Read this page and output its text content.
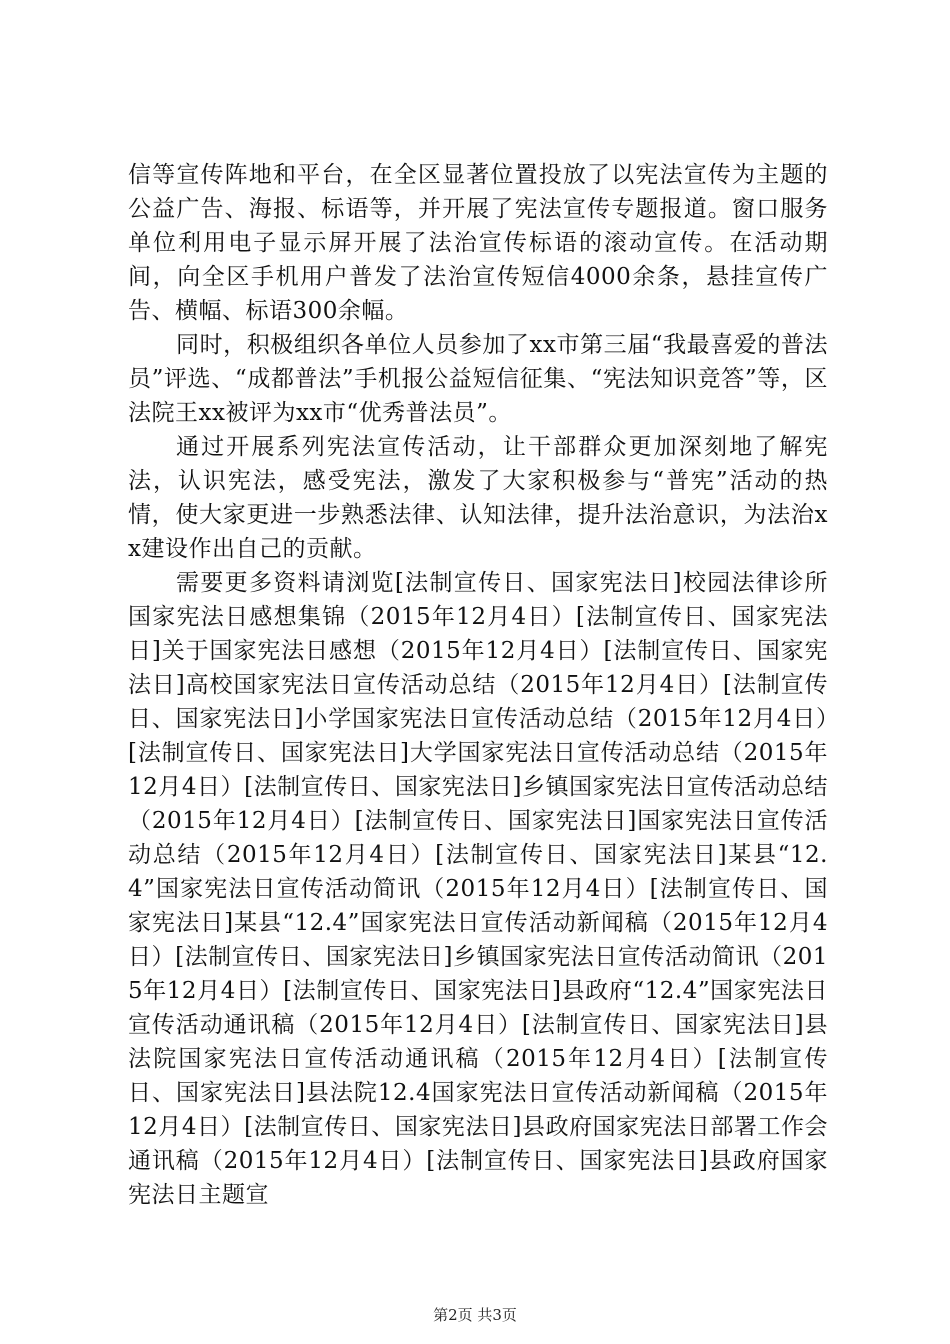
信等宣传阵地和平台，在全区显著位置投放了以宪法宣传为主题的公益广告、海报、标语等，并开展了宪法宣传专题报道。窗口服务单位利用电子显示屏开展了法治宣传标语的滚动宣传。在活动期间，向全区手机用户普发了法治宣传短信4000余条，悬挂宣传广告、横幅、标语300余幅。

同时，积极组织各单位人员参加了xx市第三届“我最喜爱的普法员”评选、“成都普法”手机报公益短信征集、“宪法知识竞答”等，区法院王xx被评为xx市“优秀普法员”。

通过开展系列宪法宣传活动，让干部群众更加深刻地了解宪法，认识宪法，感受宪法，激发了大家积极参与“普宪”活动的热情，使大家更进一步熟悉法律、认知法律，提升法治意识，为法治xx建设作出自己的贡献。

需要更多资料请浏览[法制宣传日、国家宪法日]校园法律诊所国家宪法日感想集锦（2015年12月4日）[法制宣传日、国家宪法日]关于国家宪法日感想（2015年12月4日）[法制宣传日、国家宪法日]高校国家宪法日宣传活动总结（2015年12月4日）[法制宣传日、国家宪法日]小学国家宪法日宣传活动总结（2015年12月4日）[法制宣传日、国家宪法日]大学国家宪法日宣传活动总结（2015年12月4日）[法制宣传日、国家宪法日]乡镇国家宪法日宣传活动总结（2015年12月4日）[法制宣传日、国家宪法日]国家宪法日宣传活动总结（2015年12月4日）[法制宣传日、国家宪法日]某县“12.4”国家宪法日宣传活动简讯（2015年12月4日）[法制宣传日、国家宪法日]某县“12.4”国家宪法日宣传活动新闻稿（2015年12月4日）[法制宣传日、国家宪法日]乡镇国家宪法日宣传活动简讯（2015年12月4日）[法制宣传日、国家宪法日]县政府“12.4”国家宪法日宣传活动通讯稿（2015年12月4日）[法制宣传日、国家宪法日]县法院国家宪法日宣传活动通讯稿（2015年12月4日）[法制宣传日、国家宪法日]县法院12.4国家宪法日宣传活动新闻稿（2015年12月4日）[法制宣传日、国家宪法日]县政府国家宪法日部署工作会通讯稿（2015年12月4日）[法制宣传日、国家宪法日]县政府国家宪法日主题宣

第2页 共3页
